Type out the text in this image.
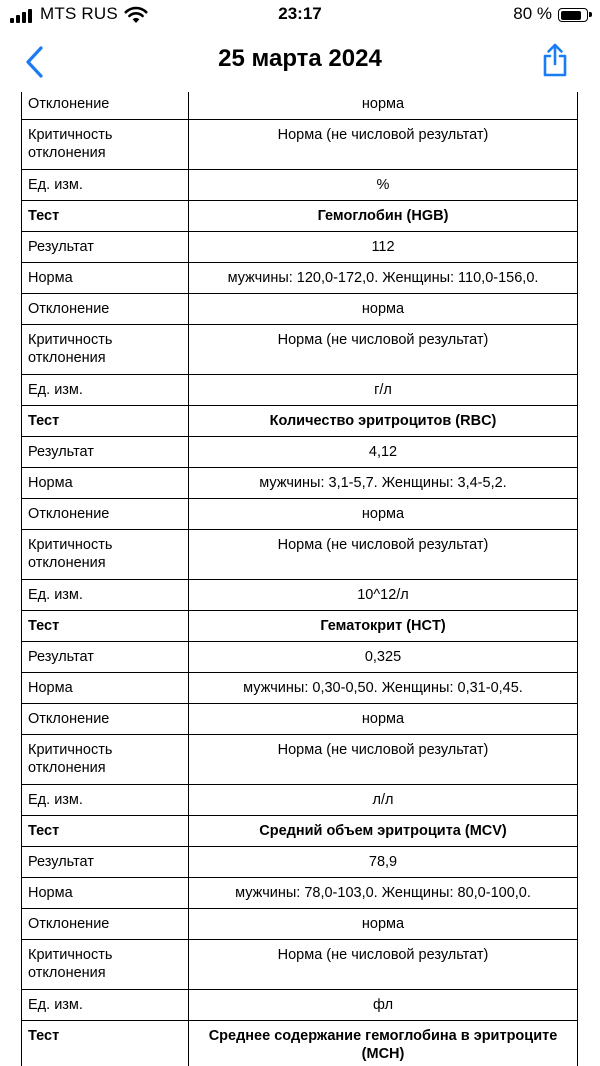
MTS RUS	23:17	80 %
25 марта 2024
Отклонение	норма
Критичность отклонения	Норма (не числовой результат)
Ед. изм.	%
Тест	Гемоглобин (HGB)
Результат	112
Норма	мужчины: 120,0-172,0. Женщины: 110,0-156,0.
Отклонение	норма
Критичность отклонения	Норма (не числовой результат)
Ед. изм.	г/л
Тест	Количество эритроцитов (RBC)
Результат	4,12
Норма	мужчины: 3,1-5,7. Женщины: 3,4-5,2.
Отклонение	норма
Критичность отклонения	Норма (не числовой результат)
Ед. изм.	10^12/л
Тест	Гематокрит (HCT)
Результат	0,325
Норма	мужчины: 0,30-0,50. Женщины: 0,31-0,45.
Отклонение	норма
Критичность отклонения	Норма (не числовой результат)
Ед. изм.	л/л
Тест	Средний объем эритроцита (MCV)
Результат	78,9
Норма	мужчины: 78,0-103,0. Женщины: 80,0-100,0.
Отклонение	норма
Критичность отклонения	Норма (не числовой результат)
Ед. изм.	фл
Тест	Среднее содержание гемоглобина в эритроците (MCH)
